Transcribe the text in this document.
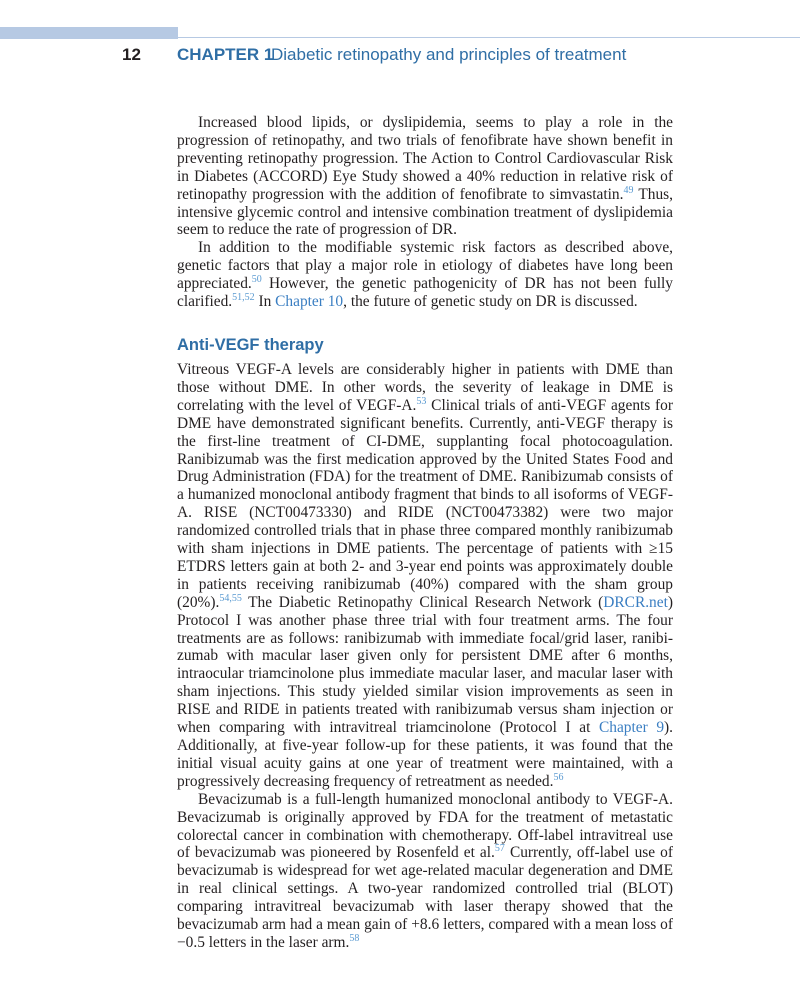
12 CHAPTER 1
Diabetic retinopathy and principles of treatment

Increased blood lipids, or dyslipidemia, seems to play a role in the progression of retinopathy, and two trials of fenofibrate have shown benefit in preventing retinopathy progression. The Action to Control Cardiovascular Risk in Diabetes (ACCORD) Eye Study showed a 40% reduction in relative risk of retinopathy progression with the addition of fenofibrate to simvastatin.$^{49}$ Thus, intensive glycemic control and intensive combination treatment of dyslipidemia seem to reduce the rate of progression of DR.

In addition to the modifiable systemic risk factors as described above, genetic factors that play a major role in etiology of diabetes have long been appreciated.$^{50}$ However, the genetic pathogenicity of DR has not been fully clarified.$^{51,52}$ In Chapter 10, the future of genetic study on DR is discussed.

Anti-VEGF therapy

Vitreous VEGF-A levels are considerably higher in patients with DME than those without DME. In other words, the severity of leakage in DME is correlating with the level of VEGF-A.$^{53}$ Clinical trials of anti-VEGF agents for DME have demonstrated significant benefits. Currently, anti-VEGF therapy is the first-line treatment of CI-DME, supplanting focal photocoagulation. Ranibizumab was the first medication approved by the United States Food and Drug Administration (FDA) for the treatment of DME. Ranibizumab consists of a humanized monoclonal antibody fragment that binds to all isoforms of VEGF-A. RISE (NCT00473330) and RIDE (NCT00473382) were two major randomized controlled trials that in phase three compared monthly ranibizumab with sham injections in DME patients. The percentage of patients with ≥15 ETDRS letters gain at both 2- and 3-year end points was approximately double in patients receiving ranibizumab (40%) compared with the sham group (20%).$^{54,55}$ The Diabetic Retinopathy Clinical Research Network (DRCR.net) Protocol I was another phase three trial with four treatment arms. The four treatments are as follows: ranibizumab with immediate focal/grid laser, ranibizumab with macular laser given only for persistent DME after 6 months, intraocular triamcinolone plus immediate macular laser, and macular laser with sham injections. This study yielded similar vision improvements as seen in RISE and RIDE in patients treated with ranibizumab versus sham injection or when comparing with intravitreal triamcinolone (Protocol I at Chapter 9). Additionally, at five-year follow-up for these patients, it was found that the initial visual acuity gains at one year of treatment were maintained, with a progressively decreasing frequency of retreatment as needed.$^{56}$

Bevacizumab is a full-length humanized monoclonal antibody to VEGF-A. Bevacizumab is originally approved by FDA for the treatment of metastatic colorectal cancer in combination with chemotherapy. Off-label intravitreal use of bevacizumab was pioneered by Rosenfeld et al.$^{57}$ Currently, off-label use of bevacizumab is widespread for wet age-related macular degeneration and DME in real clinical settings. A two-year randomized controlled trial (BLOT) comparing intravitreal bevacizumab with laser therapy showed that the bevacizumab arm had a mean gain of +8.6 letters, compared with a mean loss of −0.5 letters in the laser arm.$^{58}$
